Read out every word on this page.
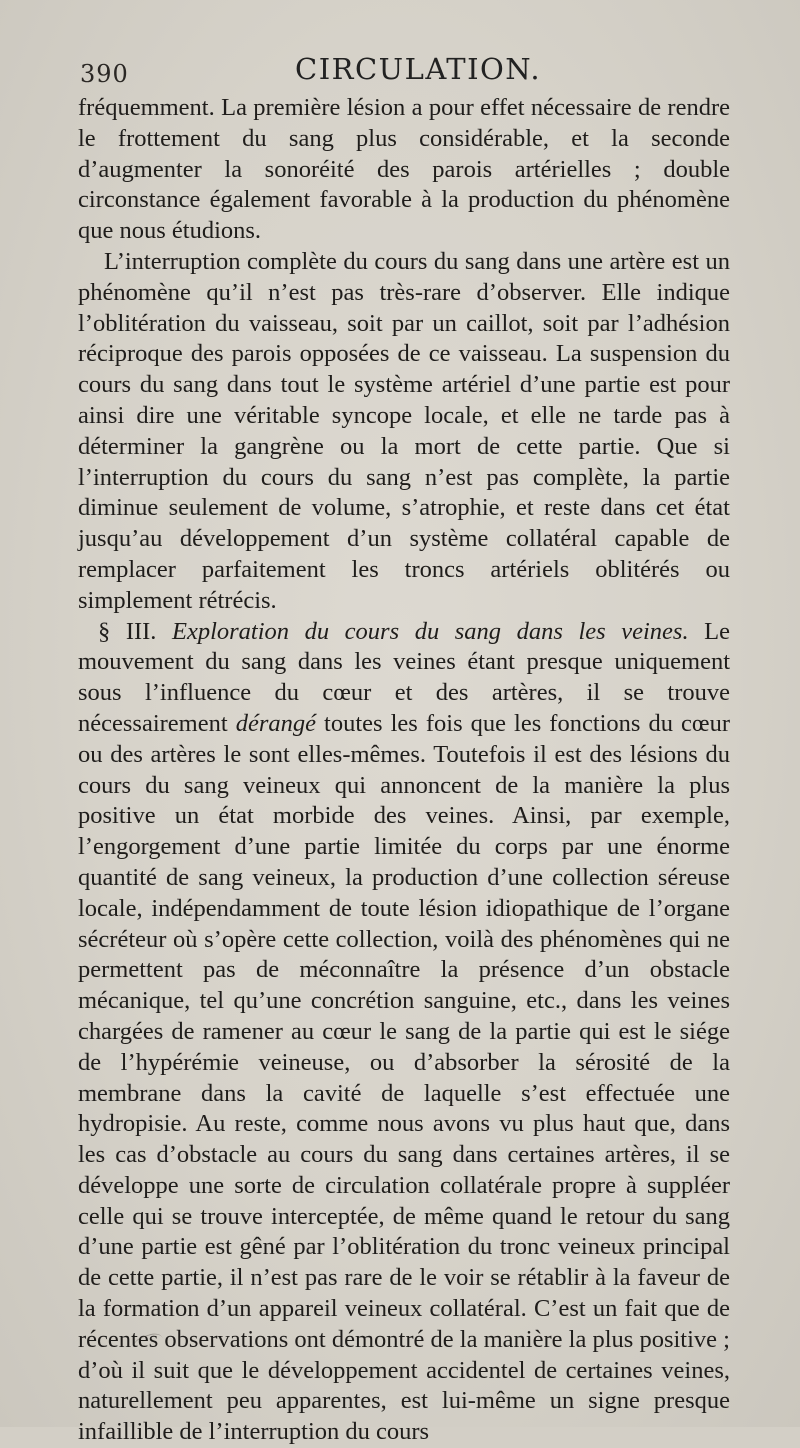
390	CIRCULATION.

fréquemment. La première lésion a pour effet nécessaire de rendre le frottement du sang plus considérable, et la seconde d’augmenter la sonoréité des parois artérielles ; double circonstance également favorable à la production du phénomène que nous étudions.

L’interruption complète du cours du sang dans une artère est un phénomène qu’il n’est pas très-rare d’observer. Elle indique l’oblitération du vaisseau, soit par un caillot, soit par l’adhésion réciproque des parois opposées de ce vaisseau. La suspension du cours du sang dans tout le système artériel d’une partie est pour ainsi dire une véritable syncope locale, et elle ne tarde pas à déterminer la gangrène ou la mort de cette partie. Que si l’interruption du cours du sang n’est pas complète, la partie diminue seulement de volume, s’atrophie, et reste dans cet état jusqu’au développement d’un système collatéral capable de remplacer parfaitement les troncs artériels oblitérés ou simplement rétrécis.

§ III. Exploration du cours du sang dans les veines. Le mouvement du sang dans les veines étant presque uniquement sous l’influence du cœur et des artères, il se trouve nécessairement dérangé toutes les fois que les fonctions du cœur ou des artères le sont elles-mêmes. Toutefois il est des lésions du cours du sang veineux qui annoncent de la manière la plus positive un état morbide des veines. Ainsi, par exemple, l’engorgement d’une partie limitée du corps par une énorme quantité de sang veineux, la production d’une collection séreuse locale, indépendamment de toute lésion idiopathique de l’organe sécréteur où s’opère cette collection, voilà des phénomènes qui ne permettent pas de méconnaître la présence d’un obstacle mécanique, tel qu’une concrétion sanguine, etc., dans les veines chargées de ramener au cœur le sang de la partie qui est le siége de l’hypérémie veineuse, ou d’absorber la sérosité de la membrane dans la cavité de laquelle s’est effectuée une hydropisie. Au reste, comme nous avons vu plus haut que, dans les cas d’obstacle au cours du sang dans certaines artères, il se développe une sorte de circulation collatérale propre à suppléer celle qui se trouve interceptée, de même quand le retour du sang d’une partie est gêné par l’oblitération du tronc veineux principal de cette partie, il n’est pas rare de le voir se rétablir à la faveur de la formation d’un appareil veineux collatéral. C’est un fait que de récentes observations ont démontré de la manière la plus positive ; d’où il suit que le développement accidentel de certaines veines, naturellement peu apparentes, est lui-même un signe presque infaillible de l’interruption du cours
